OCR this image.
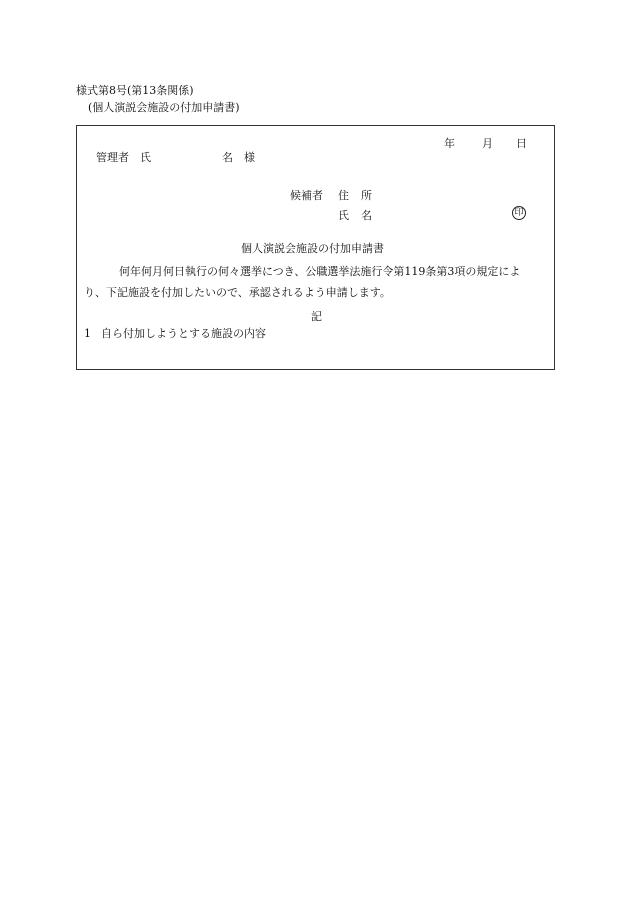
様式第8号(第13条関係)
(個人演説会施設の付加申請書)
年 月 日
管理者 氏	名 様
候補者 住 所
氏 名	印
個人演説会施設の付加申請書
何年何月何日執行の何々選挙につき、公職選挙法施行令第119条第3項の規定によ
り、下記施設を付加したいので、承認されるよう申請します。
記
1 自ら付加しようとする施設の内容
